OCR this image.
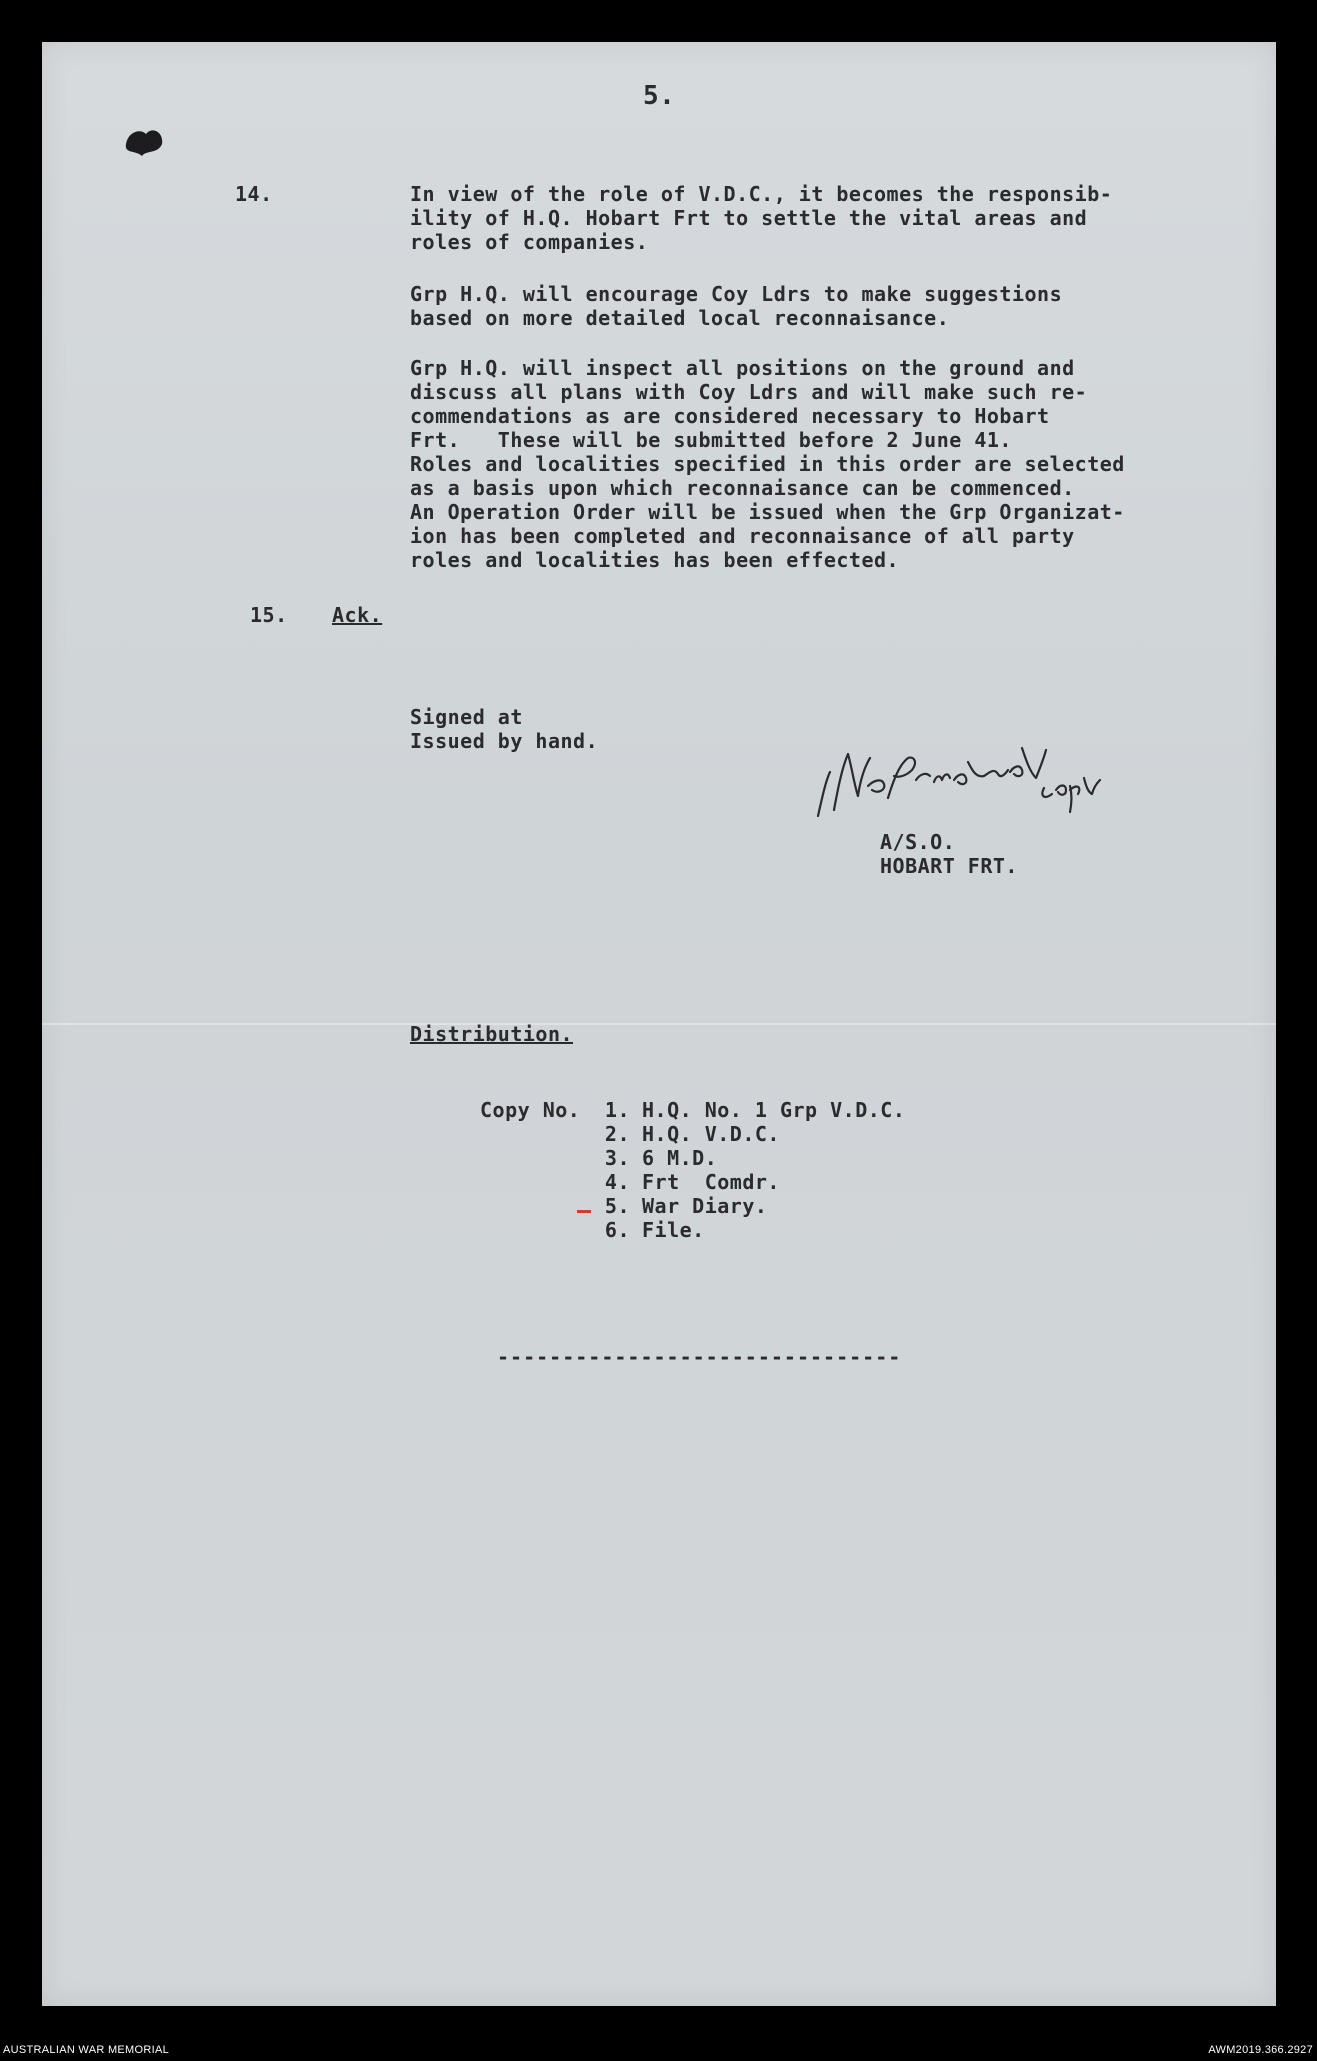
5.
14.	In view of the role of V.D.C., it becomes the responsib-
ility of H.Q. Hobart Frt to settle the vital areas and
roles of companies.
Grp H.Q. will encourage Coy Ldrs to make suggestions
based on more detailed local reconnaisance.
Grp H.Q. will inspect all positions on the ground and
discuss all plans with Coy Ldrs and will make such re-
commendations as are considered necessary to Hobart
Frt.   These will be submitted before 2 June 41.
Roles and localities specified in this order are selected
as a basis upon which reconnaisance can be commenced.
An Operation Order will be issued when the Grp Organizat-
ion has been completed and reconnaisance of all party
roles and localities has been effected.
15. Ack.
Signed at
Issued by hand.
A/S.O.
HOBART FRT.
Distribution.
Copy No.	1. H.Q. No. 1 Grp V.D.C.
2. H.Q. V.D.C.
3. 6 M.D.
4. Frt  Comdr.
5. War Diary.
6. File.
-------------------------------
AUSTRALIAN WAR MEMORIAL	AWM2019.366.2927
